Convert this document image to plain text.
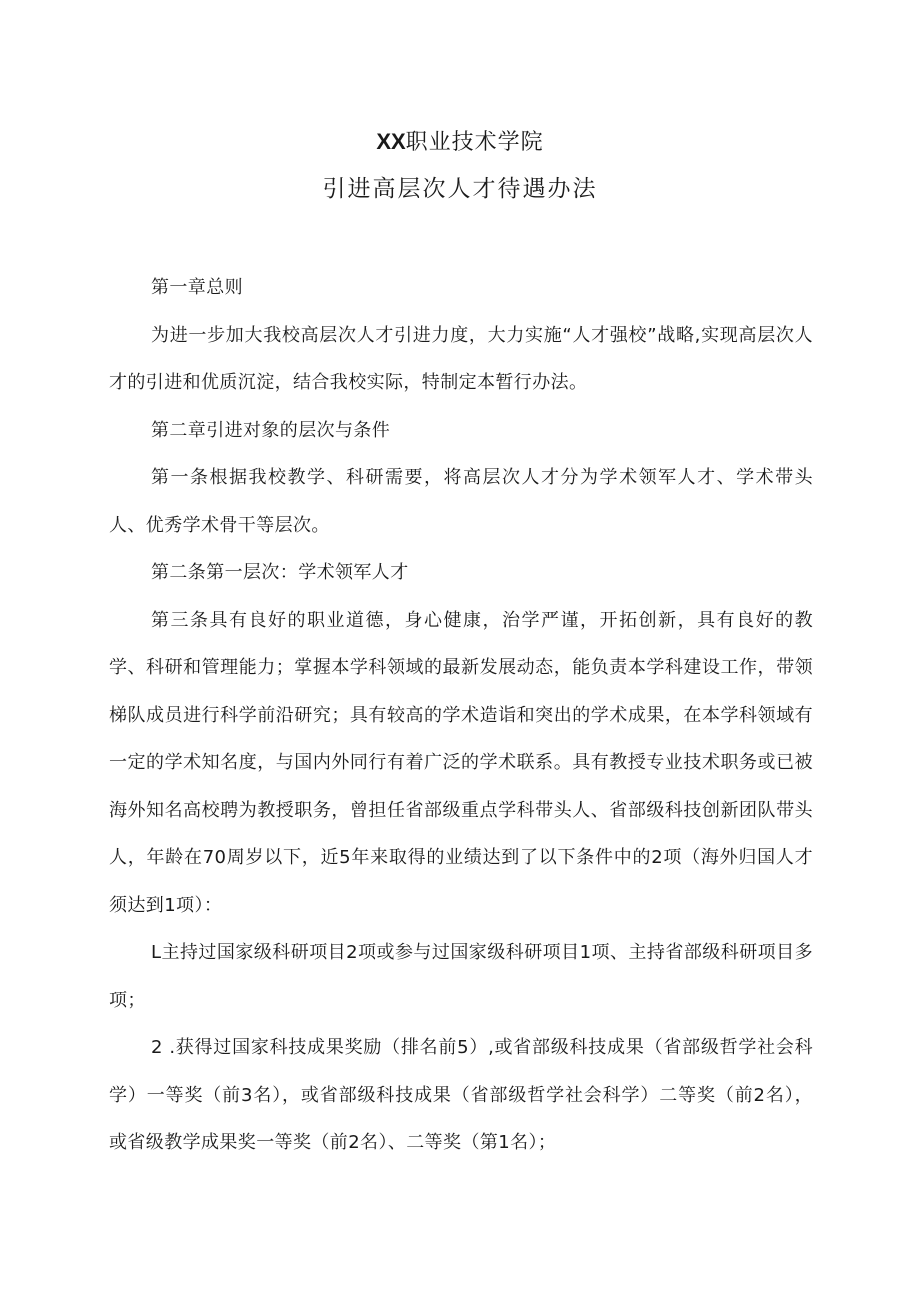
XX职业技术学院
引进高层次人才待遇办法

第一章总则

为进一步加大我校高层次人才引进力度，大力实施“人才强校”战略,实现高层次人才的引进和优质沉淀，结合我校实际，特制定本暂行办法。

第二章引进对象的层次与条件

第一条根据我校教学、科研需要，将高层次人才分为学术领军人才、学术带头人、优秀学术骨干等层次。

第二条第一层次：学术领军人才

第三条具有良好的职业道德，身心健康，治学严谨，开拓创新，具有良好的教学、科研和管理能力；掌握本学科领域的最新发展动态，能负责本学科建设工作，带领梯队成员进行科学前沿研究；具有较高的学术造诣和突出的学术成果，在本学科领域有一定的学术知名度，与国内外同行有着广泛的学术联系。具有教授专业技术职务或已被海外知名高校聘为教授职务，曾担任省部级重点学科带头人、省部级科技创新团队带头人，年龄在70周岁以下，近5年来取得的业绩达到了以下条件中的2项（海外归国人才须达到1项）：

L主持过国家级科研项目2项或参与过国家级科研项目1项、主持省部级科研项目多项；

2 .获得过国家科技成果奖励（排名前5）,或省部级科技成果（省部级哲学社会科学）一等奖（前3名），或省部级科技成果（省部级哲学社会科学）二等奖（前2名），或省级教学成果奖一等奖（前2名）、二等奖（第1名）；
